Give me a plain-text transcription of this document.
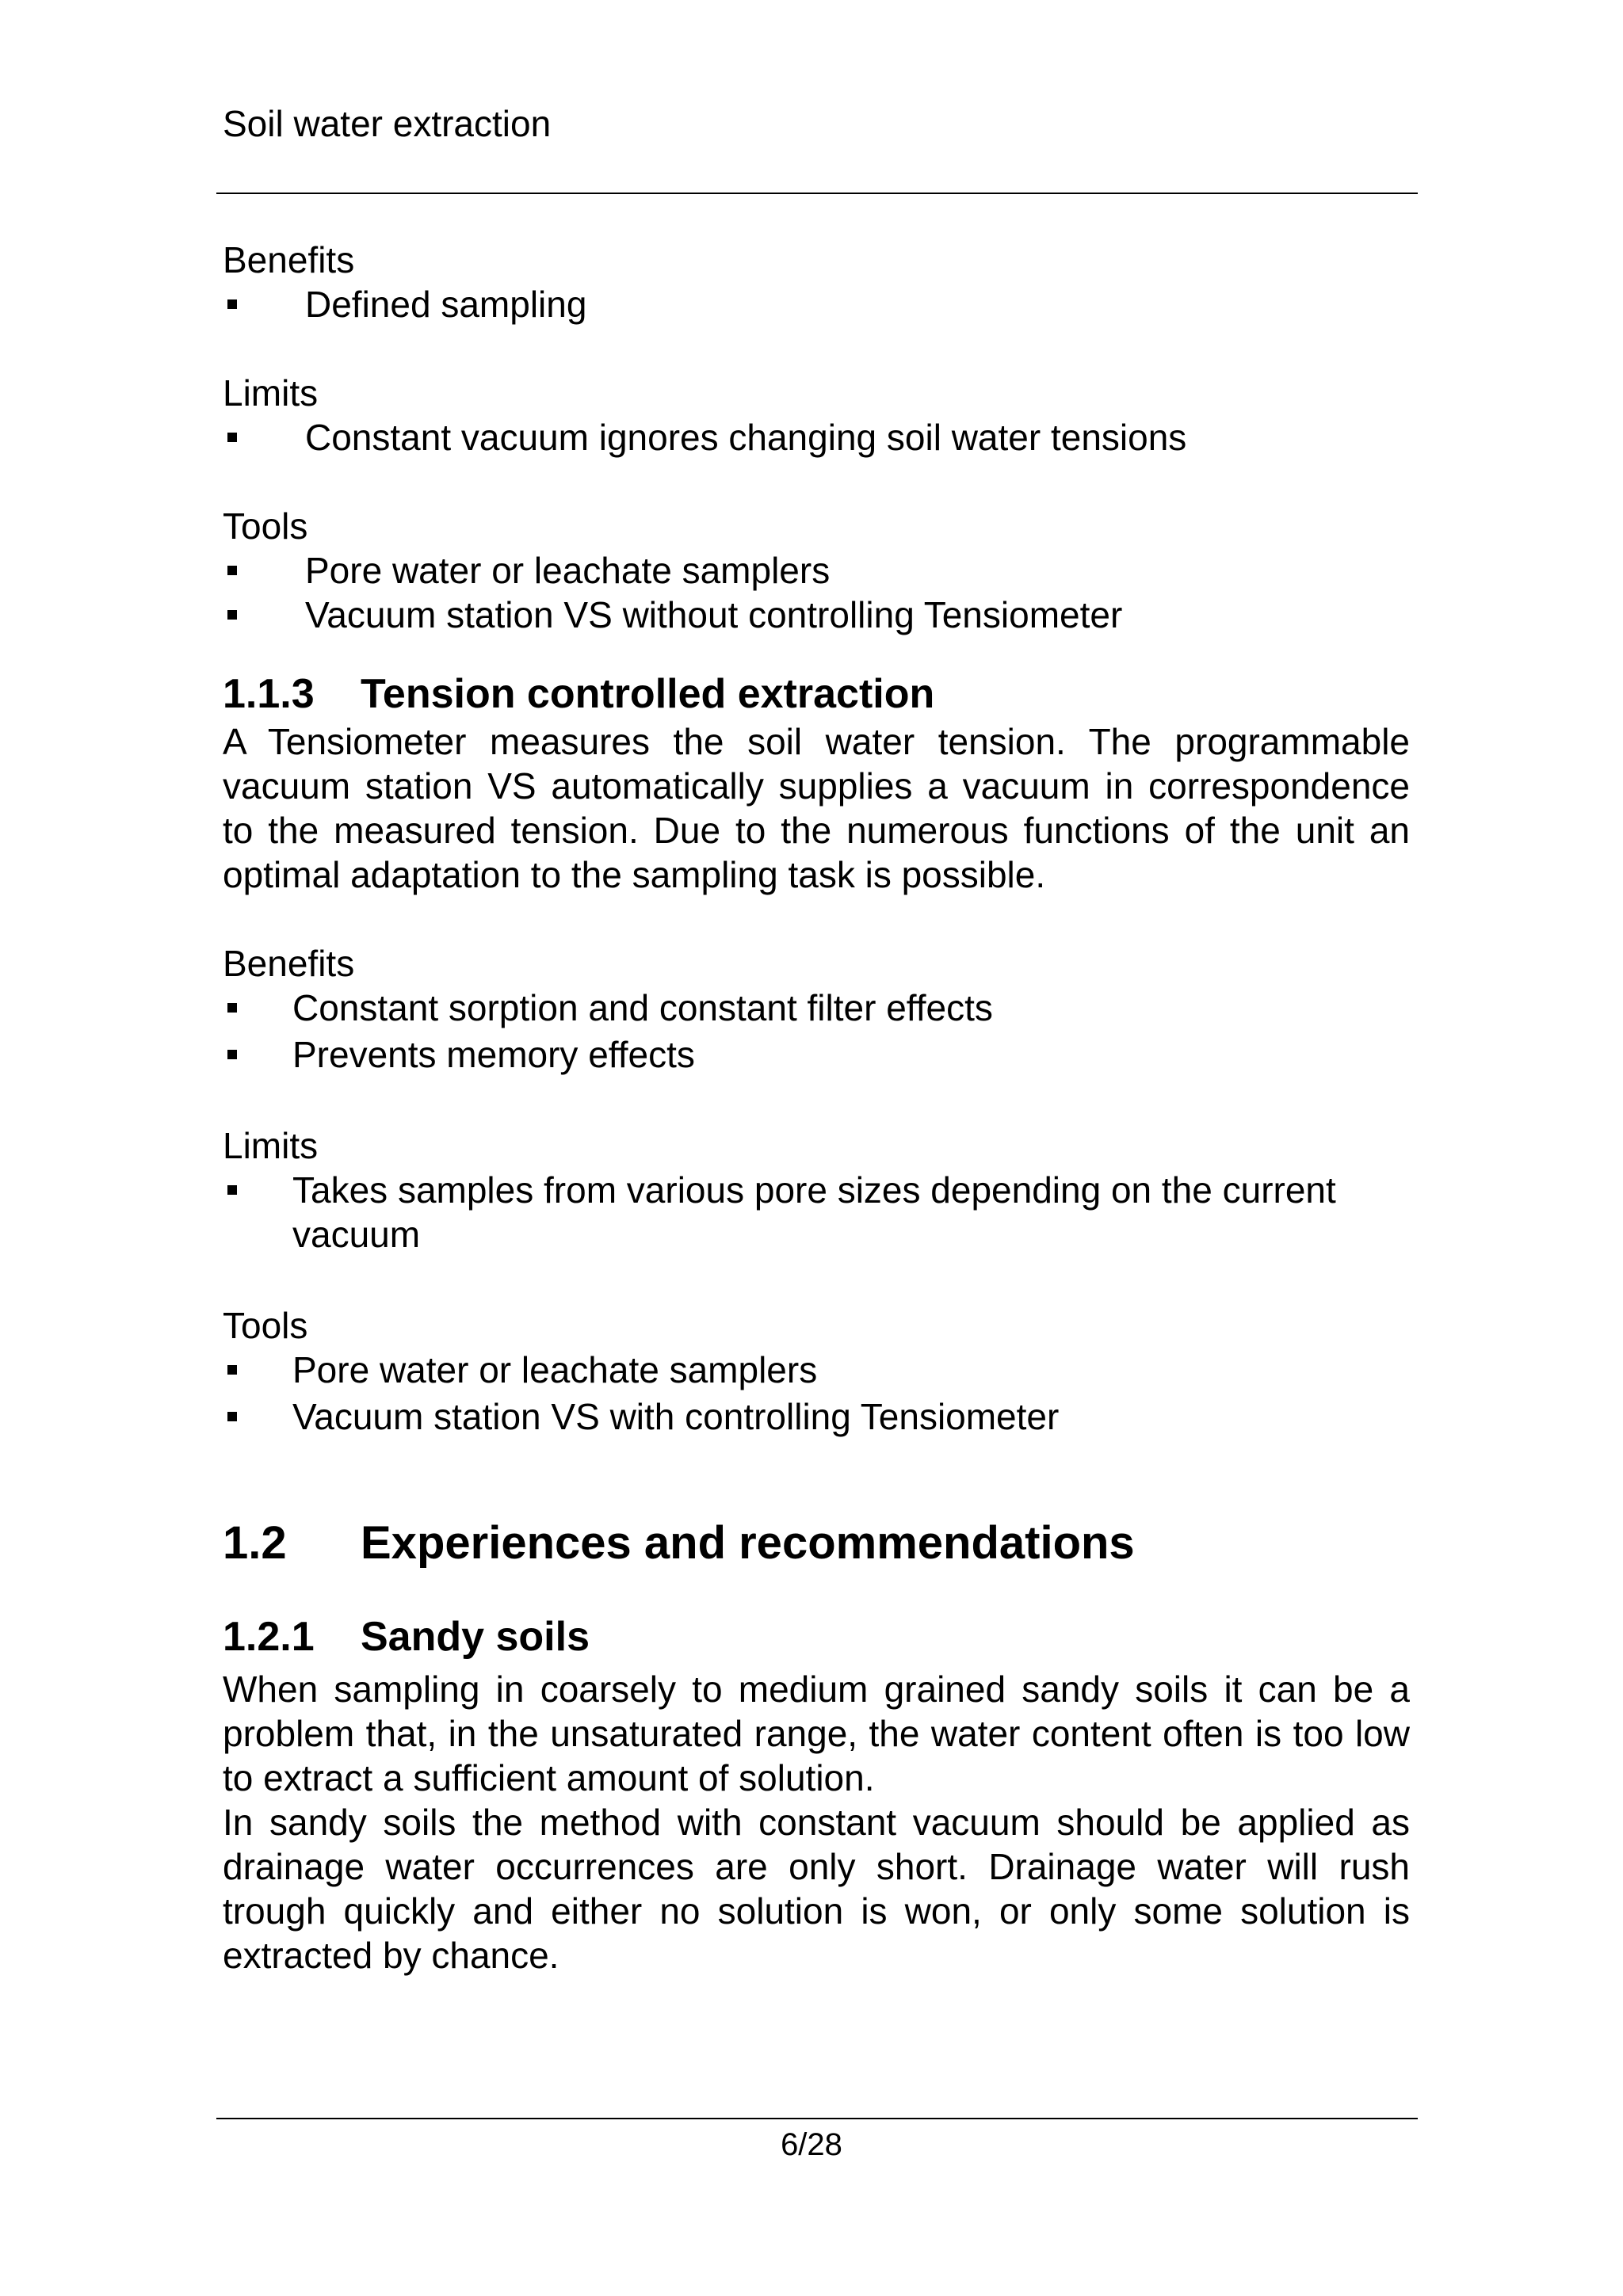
Soil water extraction
Benefits
Defined sampling
Limits
Constant vacuum ignores changing soil water tensions
Tools
Pore water or leachate samplers
Vacuum station VS without controlling Tensiometer
1.1.3 Tension controlled extraction

A Tensiometer measures the soil water tension. The programmable vacuum station VS automatically supplies a vacuum in correspondence to the measured tension. Due to the numerous functions of the unit an optimal adaptation to the sampling task is possible.

Benefits
Constant sorption and constant filter effects
Prevents memory effects
Limits
Takes samples from various pore sizes depending on the current vacuum
Tools
Pore water or leachate samplers
Vacuum station VS with controlling Tensiometer
1.2 Experiences and recommendations
1.2.1 Sandy soils

When sampling in coarsely to medium grained sandy soils it can be a problem that, in the unsaturated range, the water content often is too low to extract a sufficient amount of solution.

In sandy soils the method with constant vacuum should be applied as drainage water occurrences are only short. Drainage water will rush trough quickly and either no solution is won, or only some solution is extracted by chance.

6/28
